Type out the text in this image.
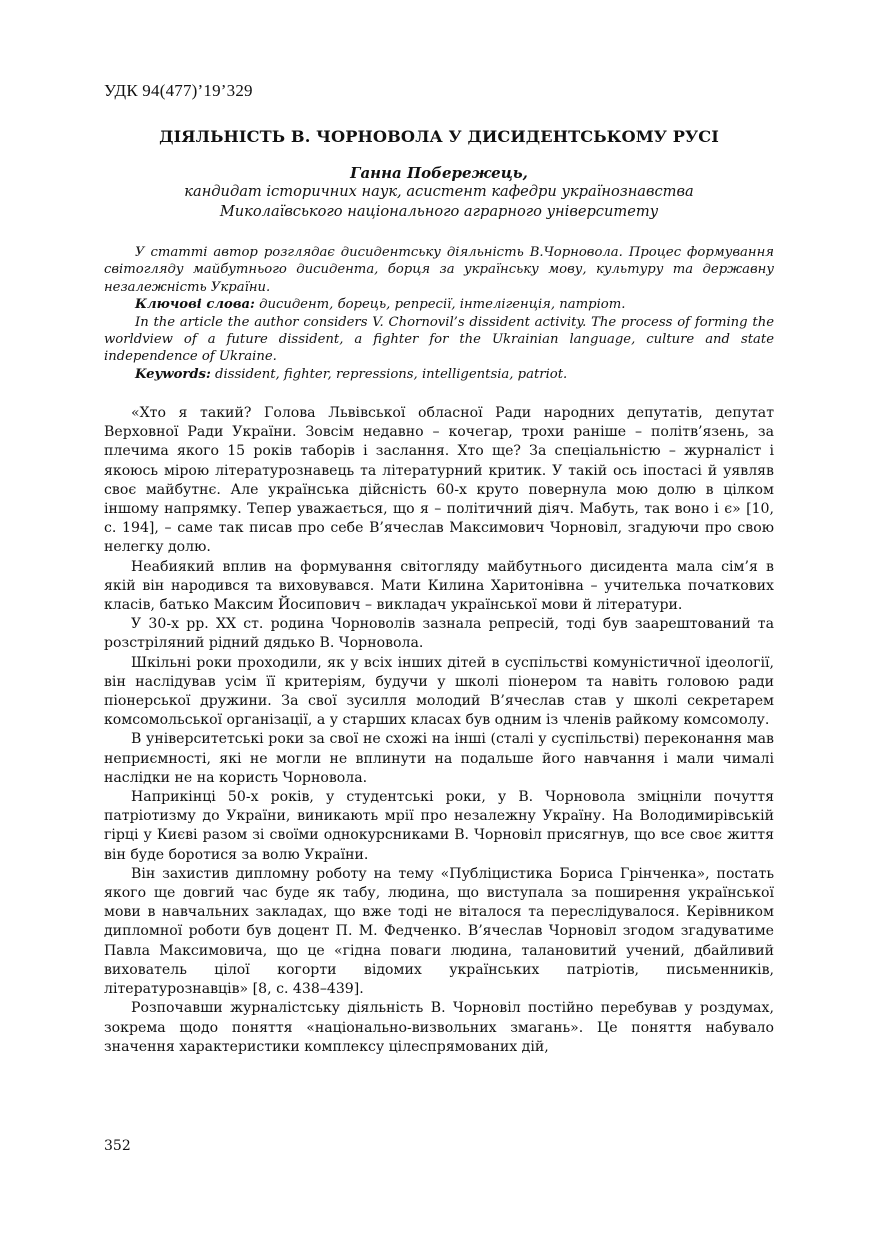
УДК 94(477)’19’329
ДІЯЛЬНІСТЬ В. ЧОРНОВОЛА У ДИСИДЕНТСЬКОМУ РУСІ
Ганна Побережець,
кандидат історичних наук, асистент кафедри українознавства
Миколаївського національного аграрного університету

У статті автор розглядає дисидентську діяльність В.Чорновола. Процес формування світогляду майбутнього дисидента, борця за українську мову, культуру та державну незалежність України.

Ключові слова: дисидент, борець, репресії, інтелігенція, патріот.

In the article the author considers V. Chornovil’s dissident activity. The process of forming the worldview of a future dissident, a fighter for the Ukrainian language, culture and state independence of Ukraine.

Keywords: dissident, fighter, repressions, intelligentsia, patriot.

«Хто я такий? Голова Львівської обласної Ради народних депутатів, депутат Верховної Ради України. Зовсім недавно – кочегар, трохи раніше – політв’язень, за плечима якого 15 років таборів і заслання. Хто ще? За спеціальністю – журналіст і якоюсь мірою літературознавець та літературний критик. У такій ось іпостасі й уявляв своє майбутнє. Але українська дійсність 60-х круто повернула мою долю в цілком іншому напрямку. Тепер уважається, що я – політичний діяч. Мабуть, так воно і є» [10, с. 194], – саме так писав про себе В’ячеслав Максимович Чорновіл, згадуючи про свою нелегку долю.

Неабиякий вплив на формування світогляду майбутнього дисидента мала сім’я в якій він народився та виховувався. Мати Килина Харитонівна – учителька початкових класів, батько Максим Йосипович – викладач української мови й літератури.

У 30-х рр. ХХ ст. родина Чорноволів зазнала репресій, тоді був заарештований та розстріляний рідний дядько В. Чорновола.

Шкільні роки проходили, як у всіх інших дітей в суспільстві комуністичної ідеології, він наслідував усім її критеріям, будучи у школі піонером та навіть головою ради піонерської дружини. За свої зусилля молодий В’ячеслав став у школі секретарем комсомольської організації, а у старших класах був одним із членів райкому комсомолу.

В університетські роки за свої не схожі на інші (сталі у суспільстві) переконання мав неприємності, які не могли не вплинути на подальше його навчання і мали чималі наслідки не на користь Чорновола.

Наприкінці 50-х років, у студентські роки, у В. Чорновола зміцніли почуття патріотизму до України, виникають мрії про незалежну Україну. На Володимирівській гірці у Києві разом зі своїми однокурсниками В. Чорновіл присягнув, що все своє життя він буде боротися за волю України.

Він захистив дипломну роботу на тему «Публіцистика Бориса Грінченка», постать якого ще довгий час буде як табу, людина, що виступала за поширення української мови в навчальних закладах, що вже тоді не віталося та переслідувалося. Керівником дипломної роботи був доцент П. М. Федченко. В’ячеслав Чорновіл згодом згадуватиме Павла Максимовича, що це «гідна поваги людина, талановитий учений, дбайливий вихователь цілої когорти відомих українських патріотів, письменників, літературознавців» [8, с. 438–439].

Розпочавши журналістську діяльність В. Чорновіл постійно перебував у роздумах, зокрема щодо поняття «національно-визвольних змагань». Це поняття набувало значення характеристики комплексу цілеспрямованих дій,

352
